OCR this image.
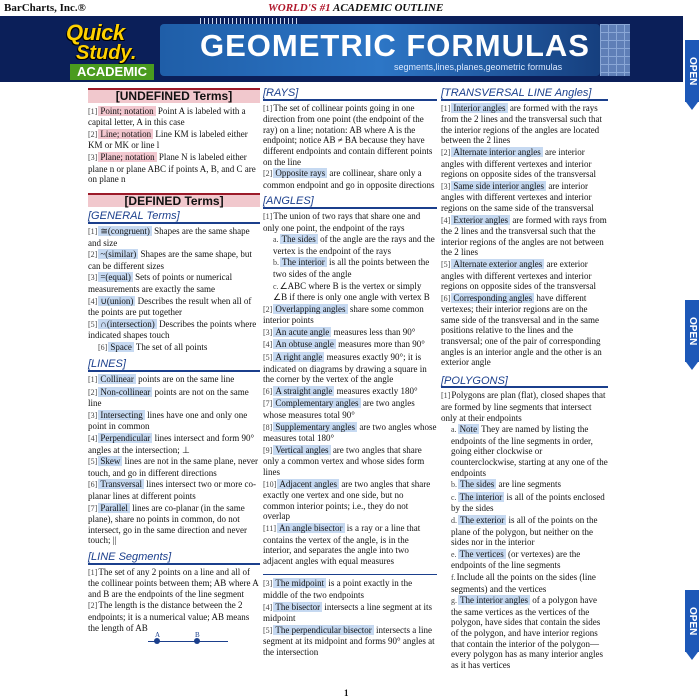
BarCharts, Inc.®	WORLD'S #1 ACADEMIC OUTLINE
Quick
Study.
ACADEMIC
GEOMETRIC FORMULAS
segments,lines,planes,geometric formulas	OPEN
OPEN
OPEN
[UNDEFINED Terms]
[1] Point; notation Point A is labeled with a capital letter, A in this case
[2] Line; notation Line KM is labeled either KM or MK or line l
[3] Plane; notation Plane N is labeled either plane n or plane ABC if points A, B, and C are on plane n
[DEFINED Terms]
[GENERAL Terms]
[1] ≅(congruent) Shapes are the same shape and size
[2] ~(similar) Shapes are the same shape, but can be different sizes
[3] =(equal) Sets of points or numerical measurements are exactly the same
[4] ∪(union) Describes the result when all of the points are put together
[5] ∩(intersection) Describes the points where indicated shapes touch
[6] Space The set of all points
[LINES]
[1] Collinear points are on the same line
[2] Non-collinear points are not on the same line
[3] Intersecting lines have one and only one point in common
[4] Perpendicular lines intersect and form 90° angles at the intersection; ⊥
[5] Skew lines are not in the same plane, never touch, and go in different directions
[6] Transversal lines intersect two or more co-planar lines at different points
[7] Parallel lines are co-planar (in the same plane), share no points in common, do not intersect, go in the same direction and never touch; ||
[LINE Segments]
[1]The set of any 2 points on a line and all of the collinear points between them; AB where A and B are the endpoints of the line segment
[2]The length is the distance between the 2 endpoints; it is a numerical value; AB means the length of AB
A	B
[RAYS]
[1]The set of collinear points going in one direction from one point (the endpoint of the ray) on a line; notation: AB where A is the endpoint; notice AB ≠ BA because they have different endpoints and contain different points on the line
[2] Opposite rays are collinear, share only a common endpoint and go in opposite directions
[ANGLES]
[1]The union of two rays that share one and only one point, the endpoint of the rays
a. The sides of the angle are the rays and the vertex is the endpoint of the rays
b. The interior is all the points between the two sides of the angle
c.∠ABC where B is the vertex or simply ∠B if there is only one angle with vertex B
[2] Overlapping angles share some common interior points
[3] An acute angle measures less than 90°
[4] An obtuse angle measures more than 90°
[5] A right angle measures exactly 90°; it is indicated on diagrams by drawing a square in the corner by the vertex of the angle
[6] A straight angle measures exactly 180°
[7] Complementary angles are two angles whose measures total 90°
[8] Supplementary angles are two angles whose measures total 180°
[9] Vertical angles are two angles that share only a common vertex and whose sides form lines
[10] Adjacent angles are two angles that share exactly one vertex and one side, but no common interior points; i.e., they do not overlap
[11] An angle bisector is a ray or a line that contains the vertex of the angle, is in the interior, and separates the angle into two adjacent angles with equal measures
[3] The midpoint is a point exactly in the middle of the two endpoints
[4] The bisector intersects a line segment at its midpoint
[5] The perpendicular bisector intersects a line segment at its midpoint and forms 90° angles at the intersection
[TRANSVERSAL LINE Angles]
[1] Interior angles are formed with the rays from the 2 lines and the transversal such that the interior regions of the angles are located between the 2 lines
[2] Alternate interior angles are interior angles with different vertexes and interior regions on opposite sides of the transversal
[3] Same side interior angles are interior angles with different vertexes and interior regions on the same side of the transversal
[4] Exterior angles are formed with rays from the 2 lines and the transversal such that the interior regions of the angles are not between the 2 lines
[5] Alternate exterior angles are exterior angles with different vertexes and interior regions on opposite sides of the transversal
[6] Corresponding angles have different vertexes; their interior regions are on the same side of the transversal and in the same positions relative to the lines and the transversal; one of the pair of corresponding angles is an interior angle and the other is an exterior angle
[POLYGONS]
[1]Polygons are plan (flat), closed shapes that are formed by line segments that intersect only at their endpoints
a. Note They are named by listing the endpoints of the line segments in order, going either clockwise or counterclockwise, starting at any one of the endpoints
b. The sides are line segments
c. The interior is all of the points enclosed by the sides
d. The exterior is all of the points on the plane of the polygon, but neither on the sides nor in the interior
e. The vertices (or vertexes) are the endpoints of the line segments
f.Include all the points on the sides (line segments) and the vertices
g. The interior angles of a polygon have the same vertices as the vertices of the polygon, have sides that contain the sides of the polygon, and have interior regions that contain the interior of the polygon—every polygon has as many interior angles as it has vertices
1
